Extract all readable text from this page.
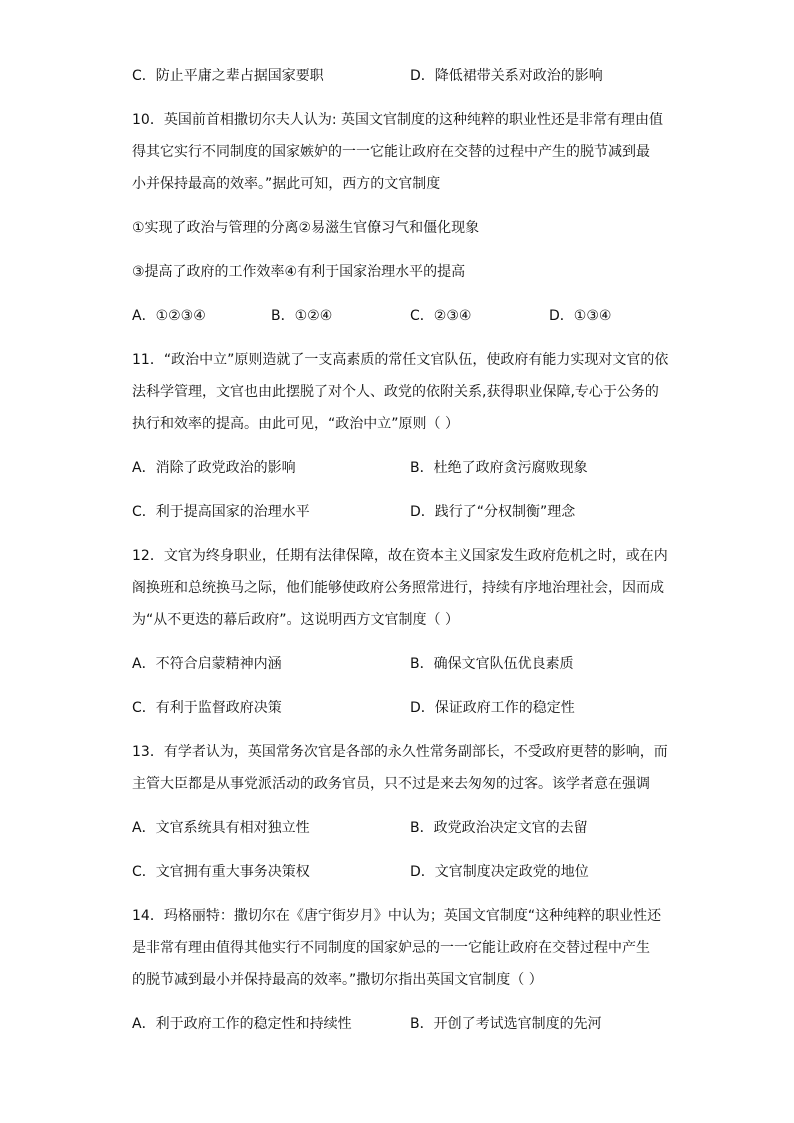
C．防止平庸之辈占据国家要职	D．降低裙带关系对政治的影响
10．英国前首相撒切尔夫人认为: 英国文官制度的这种纯粹的职业性还是非常有理由值
得其它实行不同制度的国家嫉妒的一一它能让政府在交替的过程中产生的脱节减到最
小并保持最高的效率。”据此可知，西方的文官制度
①实现了政治与管理的分离②易滋生官僚习气和僵化现象
③提高了政府的工作效率④有利于国家治理水平的提高
A．①②③④	B．①②④	C．②③④	D．①③④
11．“政治中立”原则造就了一支高素质的常任文官队伍，使政府有能力实现对文官的依
法科学管理，文官也由此摆脱了对个人、政党的依附关系,获得职业保障,专心于公务的
执行和效率的提高。由此可见，“政治中立”原则（ ）
A．消除了政党政治的影响	B．杜绝了政府贪污腐败现象
C．利于提高国家的治理水平	D．践行了“分权制衡”理念
12．文官为终身职业，任期有法律保障，故在资本主义国家发生政府危机之时，或在内
阁换班和总统换马之际，他们能够使政府公务照常进行，持续有序地治理社会，因而成
为“从不更迭的幕后政府”。这说明西方文官制度（ ）
A．不符合启蒙精神内涵	B．确保文官队伍优良素质
C．有利于监督政府决策	D．保证政府工作的稳定性
13．有学者认为，英国常务次官是各部的永久性常务副部长，不受政府更替的影响，而
主管大臣都是从事党派活动的政务官员，只不过是来去匆匆的过客。该学者意在强调
A．文官系统具有相对独立性	B．政党政治决定文官的去留
C．文官拥有重大事务决策权	D．文官制度决定政党的地位
14．玛格丽特：撒切尔在《唐宁街岁月》中认为；英国文官制度“这种纯粹的职业性还
是非常有理由值得其他实行不同制度的国家妒忌的一一它能让政府在交替过程中产生
的脱节减到最小并保持最高的效率。”撒切尔指出英国文官制度（ ）
A．利于政府工作的稳定性和持续性	B．开创了考试选官制度的先河
